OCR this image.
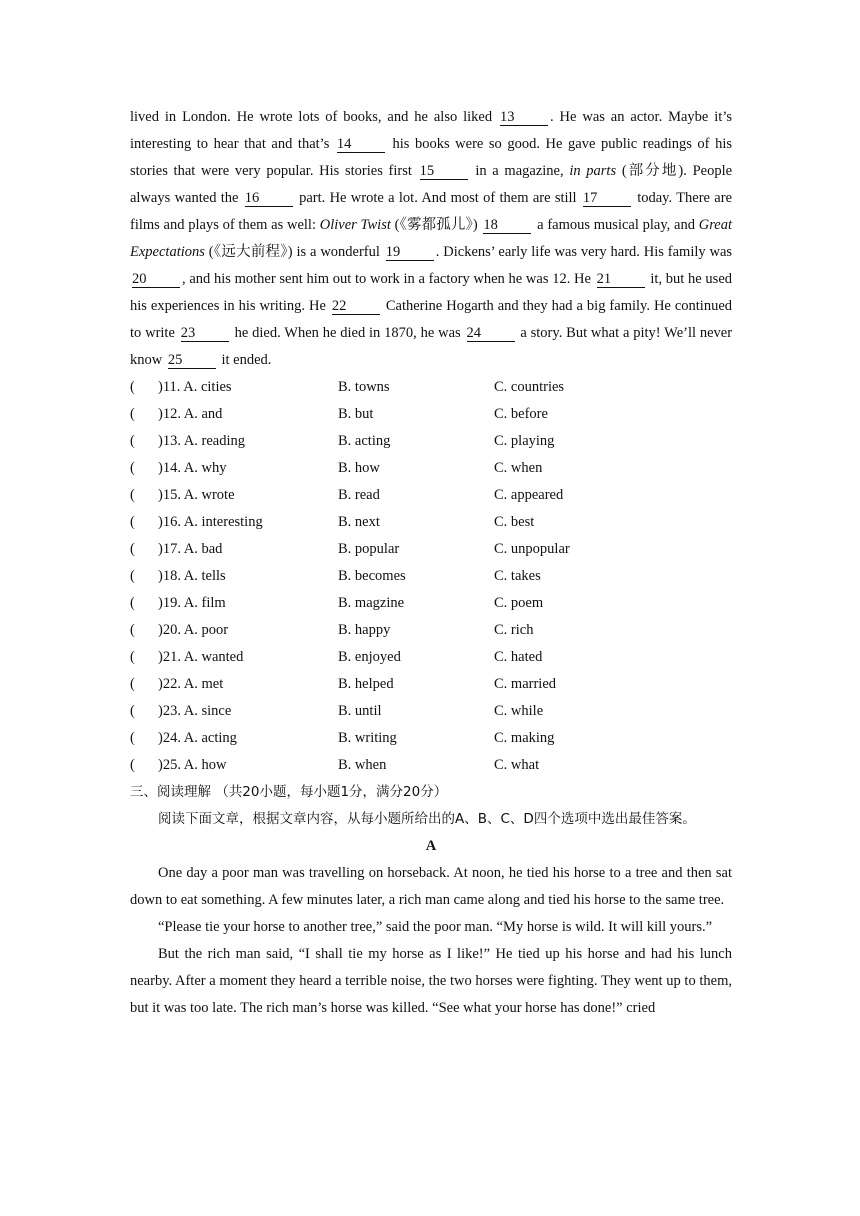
lived in London. He wrote lots of books, and he also liked 13 . He was an actor. Maybe it’s interesting to hear that and that’s 14	his books were so good. He gave public readings of his stories that were very popular. His stories first 15	in a magazine, in parts (部分地). People always wanted the 16	part. He wrote a lot. And most of them are still 17	today. There are films and plays of them as well: Oliver Twist (《雾都孤儿》) 18	a famous musical play, and Great Expectations (《远大前程》) is a wonderful 19 . Dickens’ early life was very hard. His family was 20 , and his mother sent him out to work in a factory when he was 12. He 21	it, but he used his experiences in his writing. He 22	Catherine Hogarth and they had a big family. He continued to write 23	he died. When he died in 1870, he was 24	a story. But what a pity! We’ll never know 25	it ended.

( )11. A. cities	B. towns	C. countries
( )12. A. and	B. but	C. before
( )13. A. reading	B. acting	C. playing
( )14. A. why	B. how	C. when
( )15. A. wrote	B. read	C. appeared
( )16. A. interesting	B. next	C. best
( )17. A. bad	B. popular	C. unpopular
( )18. A. tells	B. becomes	C. takes
( )19. A. film	B. magzine	C. poem
( )20. A. poor	B. happy	C. rich
( )21. A. wanted	B. enjoyed	C. hated
( )22. A. met	B. helped	C. married
( )23. A. since	B. until	C. while
( )24. A. acting	B. writing	C. making
( )25. A. how	B. when	C. what

三、阅读理解 （共20小题，每小题1分，满分20分）

阅读下面文章，根据文章内容，从每小题所给出的A、B、C、D四个选项中选出最佳答案。

A

One day a poor man was travelling on horseback. At noon, he tied his horse to a tree and then sat down to eat something. A few minutes later, a rich man came along and tied his horse to the same tree.

“Please tie your horse to another tree,” said the poor man. “My horse is wild. It will kill yours.”

But the rich man said, “I shall tie my horse as I like!” He tied up his horse and had his lunch nearby. After a moment they heard a terrible noise, the two horses were fighting. They went up to them, but it was too late. The rich man’s horse was killed. “See what your horse has done!” cried
